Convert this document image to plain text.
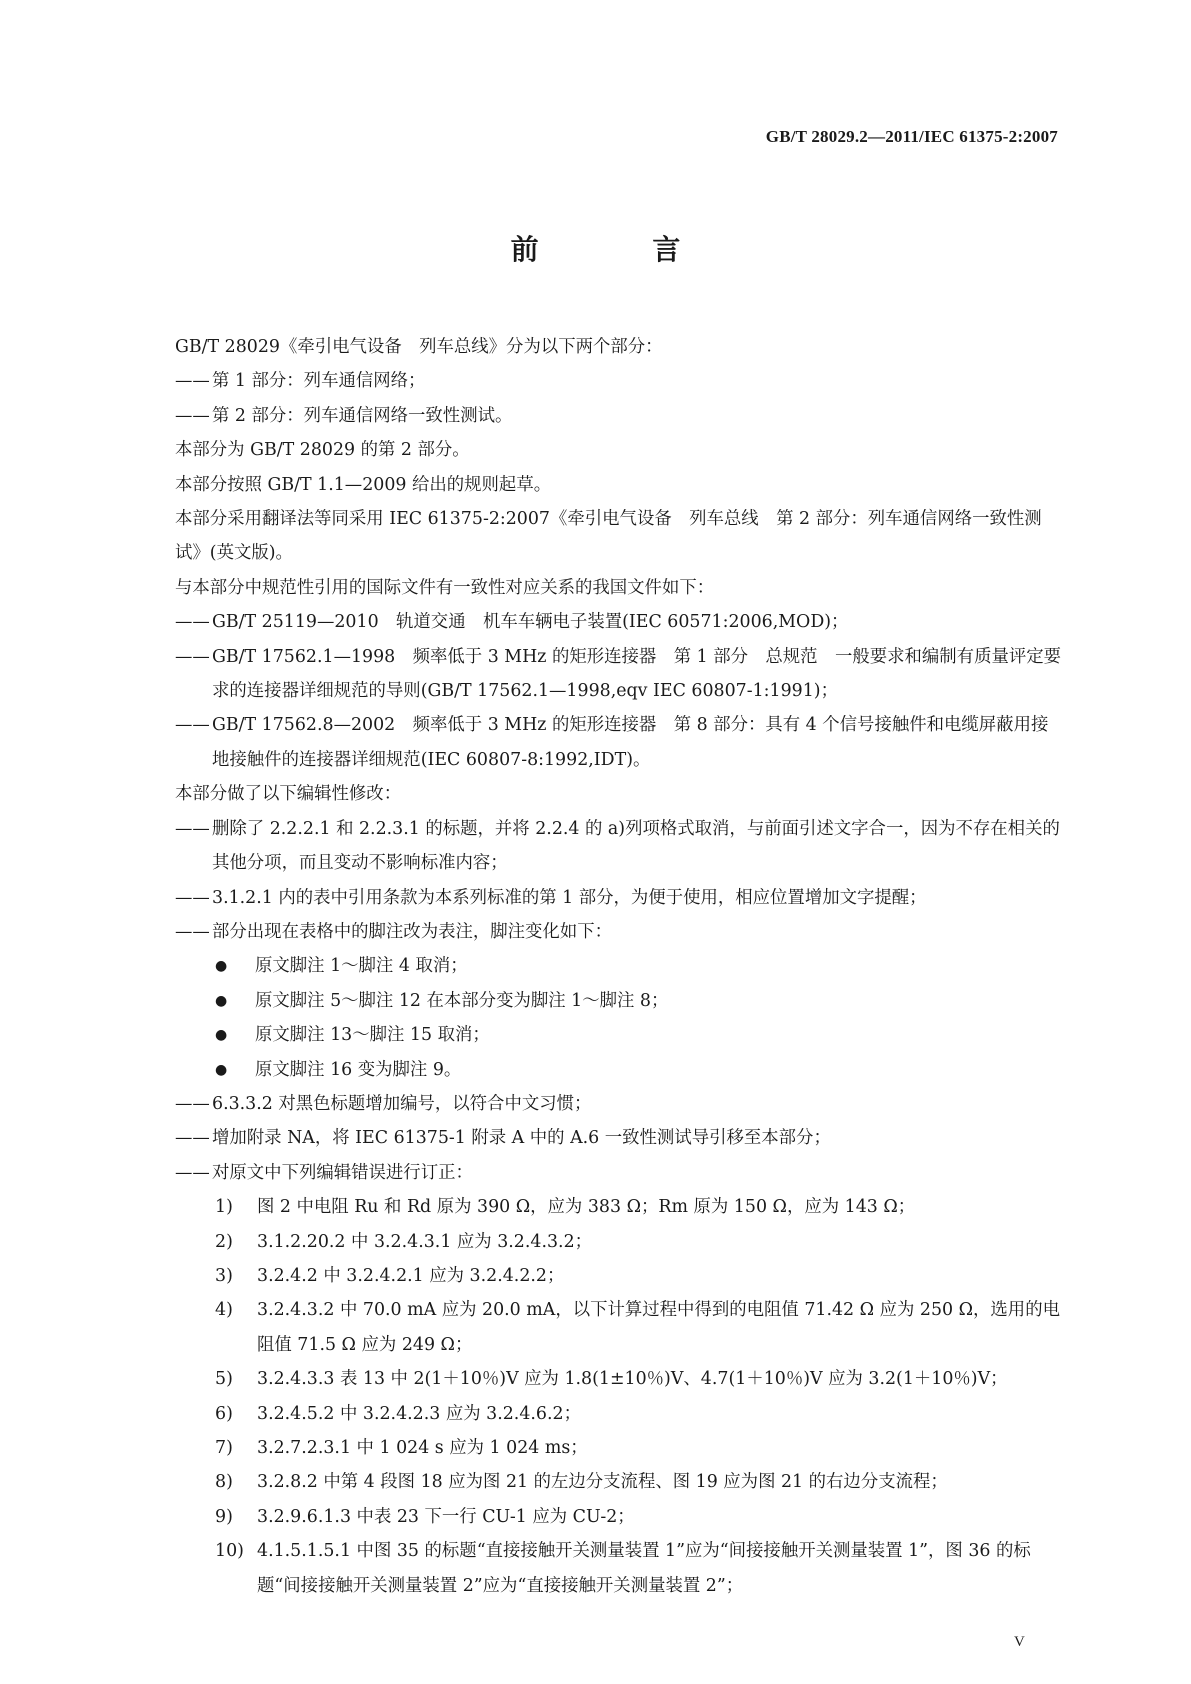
GB/T 28029.2—2011/IEC 61375-2:2007
前 言

GB/T 28029《牵引电气设备　列车总线》分为以下两个部分：

—— 第 1 部分：列车通信网络；
—— 第 2 部分：列车通信网络一致性测试。

本部分为 GB/T 28029 的第 2 部分。

本部分按照 GB/T 1.1—2009 给出的规则起草。

本部分采用翻译法等同采用 IEC 61375-2:2007《牵引电气设备　列车总线　第 2 部分：列车通信网络一致性测试》(英文版)。

与本部分中规范性引用的国际文件有一致性对应关系的我国文件如下：

—— GB/T 25119—2010　轨道交通　机车车辆电子装置(IEC 60571:2006,MOD)；
—— GB/T 17562.1—1998　频率低于 3 MHz 的矩形连接器　第 1 部分　总规范　一般要求和编制有质量评定要求的连接器详细规范的导则(GB/T 17562.1—1998,eqv IEC 60807-1:1991)；
—— GB/T 17562.8—2002　频率低于 3 MHz 的矩形连接器　第 8 部分：具有 4 个信号接触件和电缆屏蔽用接地接触件的连接器详细规范(IEC 60807-8:1992,IDT)。

本部分做了以下编辑性修改：

—— 删除了 2.2.2.1 和 2.2.3.1 的标题，并将 2.2.4 的 a)列项格式取消，与前面引述文字合一，因为不存在相关的其他分项，而且变动不影响标准内容；
—— 3.1.2.1 内的表中引用条款为本系列标准的第 1 部分，为便于使用，相应位置增加文字提醒；
—— 部分出现在表格中的脚注改为表注，脚注变化如下：
●	原文脚注 1～脚注 4 取消；
●	原文脚注 5～脚注 12 在本部分变为脚注 1～脚注 8；
●	原文脚注 13～脚注 15 取消；
●	原文脚注 16 变为脚注 9。
—— 6.3.3.2 对黑色标题增加编号，以符合中文习惯；
—— 增加附录 NA，将 IEC 61375-1 附录 A 中的 A.6 一致性测试导引移至本部分；
—— 对原文中下列编辑错误进行订正：
1)	图 2 中电阻 Ru 和 Rd 原为 390 Ω，应为 383 Ω；Rm 原为 150 Ω，应为 143 Ω；
2)	3.1.2.20.2 中 3.2.4.3.1 应为 3.2.4.3.2；
3)	3.2.4.2 中 3.2.4.2.1 应为 3.2.4.2.2；
4)	3.2.4.3.2 中 70.0 mA 应为 20.0 mA，以下计算过程中得到的电阻值 71.42 Ω 应为 250 Ω，选用的电阻值 71.5 Ω 应为 249 Ω；
5)	3.2.4.3.3 表 13 中 2(1＋10％)V 应为 1.8(1±10％)V、4.7(1＋10％)V 应为 3.2(1＋10％)V；
6)	3.2.4.5.2 中 3.2.4.2.3 应为 3.2.4.6.2；
7)	3.2.7.2.3.1 中 1 024 s 应为 1 024 ms；
8)	3.2.8.2 中第 4 段图 18 应为图 21 的左边分支流程、图 19 应为图 21 的右边分支流程；
9)	3.2.9.6.1.3 中表 23 下一行 CU-1 应为 CU-2；
10) 4.1.5.1.5.1 中图 35 的标题“直接接触开关测量装置 1”应为“间接接触开关测量装置 1”，图 36 的标题“间接接触开关测量装置 2”应为“直接接触开关测量装置 2”；
V
